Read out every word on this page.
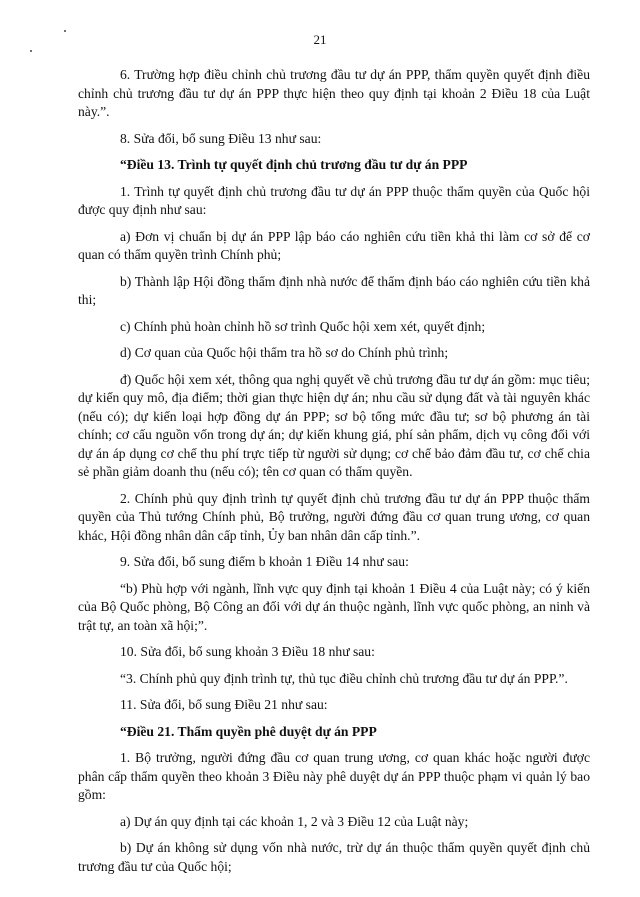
21

6. Trường hợp điều chỉnh chủ trương đầu tư dự án PPP, thẩm quyền quyết định điều chỉnh chủ trương đầu tư dự án PPP thực hiện theo quy định tại khoản 2 Điều 18 của Luật này.”.

8. Sửa đổi, bổ sung Điều 13 như sau:

“Điều 13. Trình tự quyết định chủ trương đầu tư dự án PPP

1. Trình tự quyết định chủ trương đầu tư dự án PPP thuộc thẩm quyền của Quốc hội được quy định như sau:

a) Đơn vị chuẩn bị dự án PPP lập báo cáo nghiên cứu tiền khả thi làm cơ sở để cơ quan có thẩm quyền trình Chính phủ;

b) Thành lập Hội đồng thẩm định nhà nước để thẩm định báo cáo nghiên cứu tiền khả thi;

c) Chính phủ hoàn chỉnh hồ sơ trình Quốc hội xem xét, quyết định;

d) Cơ quan của Quốc hội thẩm tra hồ sơ do Chính phủ trình;

đ) Quốc hội xem xét, thông qua nghị quyết về chủ trương đầu tư dự án gồm: mục tiêu; dự kiến quy mô, địa điểm; thời gian thực hiện dự án; nhu cầu sử dụng đất và tài nguyên khác (nếu có); dự kiến loại hợp đồng dự án PPP; sơ bộ tổng mức đầu tư; sơ bộ phương án tài chính; cơ cấu nguồn vốn trong dự án; dự kiến khung giá, phí sản phẩm, dịch vụ công đối với dự án áp dụng cơ chế thu phí trực tiếp từ người sử dụng; cơ chế bảo đảm đầu tư, cơ chế chia sẻ phần giảm doanh thu (nếu có); tên cơ quan có thẩm quyền.

2. Chính phủ quy định trình tự quyết định chủ trương đầu tư dự án PPP thuộc thẩm quyền của Thủ tướng Chính phủ, Bộ trưởng, người đứng đầu cơ quan trung ương, cơ quan khác, Hội đồng nhân dân cấp tỉnh, Ủy ban nhân dân cấp tỉnh.”.

9. Sửa đổi, bổ sung điểm b khoản 1 Điều 14 như sau:

“b) Phù hợp với ngành, lĩnh vực quy định tại khoản 1 Điều 4 của Luật này; có ý kiến của Bộ Quốc phòng, Bộ Công an đối với dự án thuộc ngành, lĩnh vực quốc phòng, an ninh và trật tự, an toàn xã hội;”.

10. Sửa đổi, bổ sung khoản 3 Điều 18 như sau:

“3. Chính phủ quy định trình tự, thủ tục điều chỉnh chủ trương đầu tư dự án PPP.”.

11. Sửa đổi, bổ sung Điều 21 như sau:

“Điều 21. Thẩm quyền phê duyệt dự án PPP

1. Bộ trưởng, người đứng đầu cơ quan trung ương, cơ quan khác hoặc người được phân cấp thẩm quyền theo khoản 3 Điều này phê duyệt dự án PPP thuộc phạm vi quản lý bao gồm:

a) Dự án quy định tại các khoản 1, 2 và 3 Điều 12 của Luật này;

b) Dự án không sử dụng vốn nhà nước, trừ dự án thuộc thẩm quyền quyết định chủ trương đầu tư của Quốc hội;
